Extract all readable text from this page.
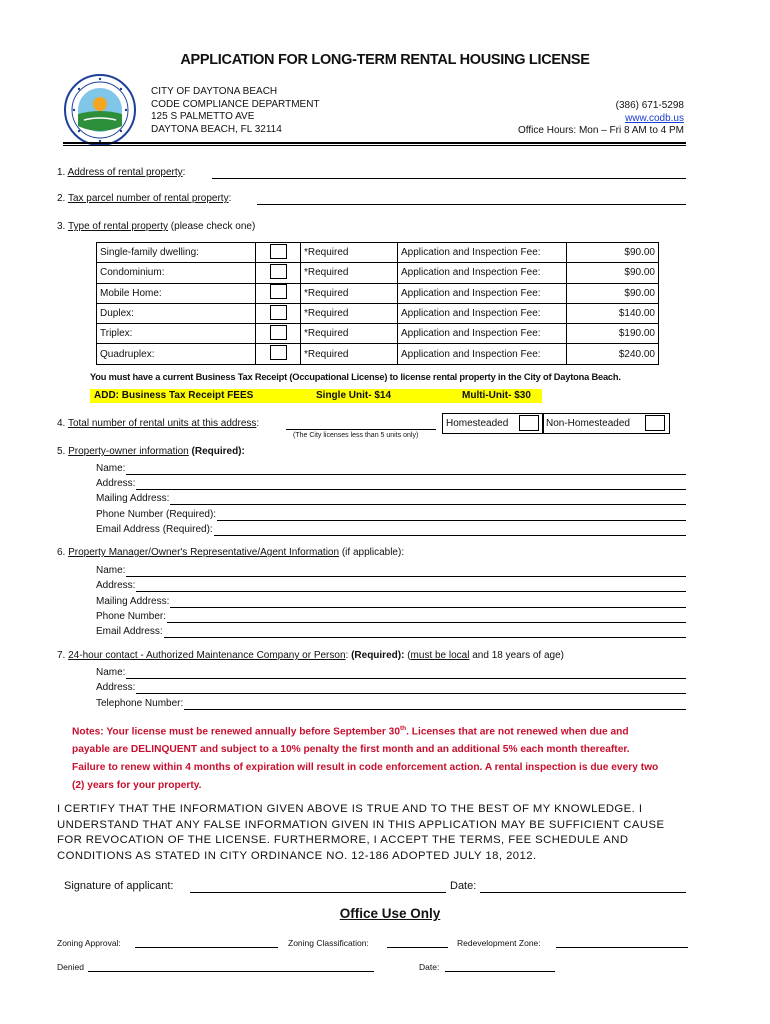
APPLICATION FOR LONG-TERM RENTAL HOUSING LICENSE
CITY OF DAYTONA BEACH
CODE COMPLIANCE DEPARTMENT
125 S PALMETTO AVE
DAYTONA BEACH, FL 32114
(386) 671-5298
www.codb.us
Office Hours: Mon – Fri 8 AM to 4 PM
1. Address of rental property:
2. Tax parcel number of rental property:
3. Type of rental property (please check one)
Single-family dwelling:		*Required	Application and Inspection Fee:	$90.00
Condominium:		*Required	Application and Inspection Fee:	$90.00
Mobile Home:		*Required	Application and Inspection Fee:	$90.00
Duplex:		*Required	Application and Inspection Fee:	$140.00
Triplex:		*Required	Application and Inspection Fee:	$190.00
Quadruplex:		*Required	Application and Inspection Fee:	$240.00
You must have a current Business Tax Receipt (Occupational License) to license rental property in the City of Daytona Beach.
ADD: Business Tax Receipt FEES	Single Unit- $14	Multi-Unit- $30
4. Total number of rental units at this address:
(The City licenses less than 5 units only)
Homesteaded	Non-Homesteaded
5. Property-owner information (Required):
Name:
Address:
Mailing Address:
Phone Number (Required):
Email Address (Required):
6. Property Manager/Owner's Representative/Agent Information (if applicable):
Name:
Address:
Mailing Address:
Phone Number:
Email Address:
7. 24-hour contact - Authorized Maintenance Company or Person: (Required): (must be local and 18 years of age)
Name:
Address:
Telephone Number:
Notes: Your license must be renewed annually before September 30th. Licenses that are not renewed when due and
payable are DELINQUENT and subject to a 10% penalty the first month and an additional 5% each month thereafter.
Failure to renew within 4 months of expiration will result in code enforcement action. A rental inspection is due every two
(2) years for your property.
I CERTIFY THAT THE INFORMATION GIVEN ABOVE IS TRUE AND TO THE BEST OF MY KNOWLEDGE. I
UNDERSTAND THAT ANY FALSE INFORMATION GIVEN IN THIS APPLICATION MAY BE SUFFICIENT CAUSE
FOR REVOCATION OF THE LICENSE. FURTHERMORE, I ACCEPT THE TERMS, FEE SCHEDULE AND
CONDITIONS AS STATED IN CITY ORDINANCE NO. 12-186 ADOPTED JULY 18, 2012.
Signature of applicant:	Date:
Office Use Only
Zoning Approval:	Zoning Classification:	Redevelopment Zone:
Denied	Date:
